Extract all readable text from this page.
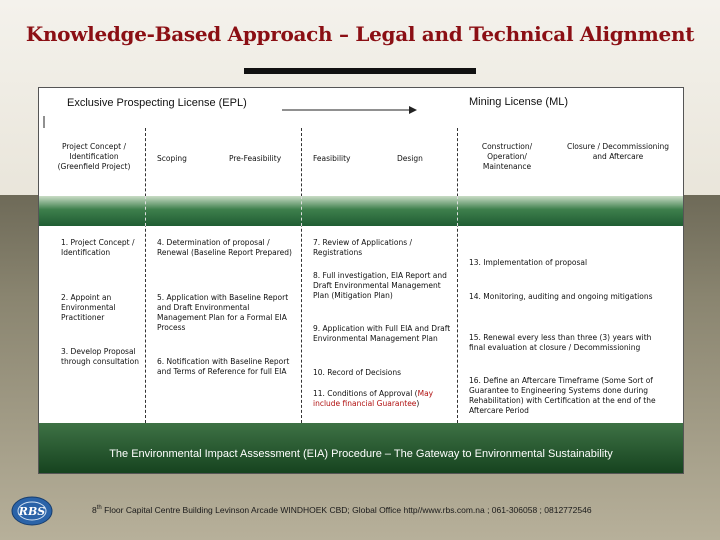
Knowledge-Based Approach – Legal and Technical Alignment
Exclusive Prospecting License (EPL)	Mining License (ML)
Project Concept / Identification (Greenfield Project)
Scoping	Pre-Feasibility	Feasibility	Design
Construction/ Operation/ Maintenance
Closure / Decommissioning and Aftercare
1. Project Concept / Identification
2. Appoint an Environmental Practitioner
3. Develop Proposal through consultation
4. Determination of proposal / Renewal (Baseline Report Prepared)
5. Application with Baseline Report and Draft Environmental Management Plan for a Formal EIA Process
6. Notification with Baseline Report and Terms of Reference for full EIA
7. Review of Applications / Registrations
8. Full investigation, EIA Report and Draft Environmental Management Plan (Mitigation Plan)
9. Application with Full EIA and Draft Environmental Management Plan
10. Record of Decisions
11. Conditions of Approval (May include financial Guarantee)
13. Implementation of proposal
14. Monitoring, auditing and ongoing mitigations
15. Renewal every less than three (3) years with final evaluation at closure / Decommissioning
16. Define an Aftercare Timeframe (Some Sort of Guarantee to Engineering Systems done during Rehabilitation) with Certification at the end of the Aftercare Period
The Environmental Impact Assessment (EIA) Procedure – The Gateway to Environmental Sustainability
RBS	8th Floor Capital Centre Building Levinson Arcade WINDHOEK CBD; Global Office http//www.rbs.com.na ; 061-306058 ; 0812772546
